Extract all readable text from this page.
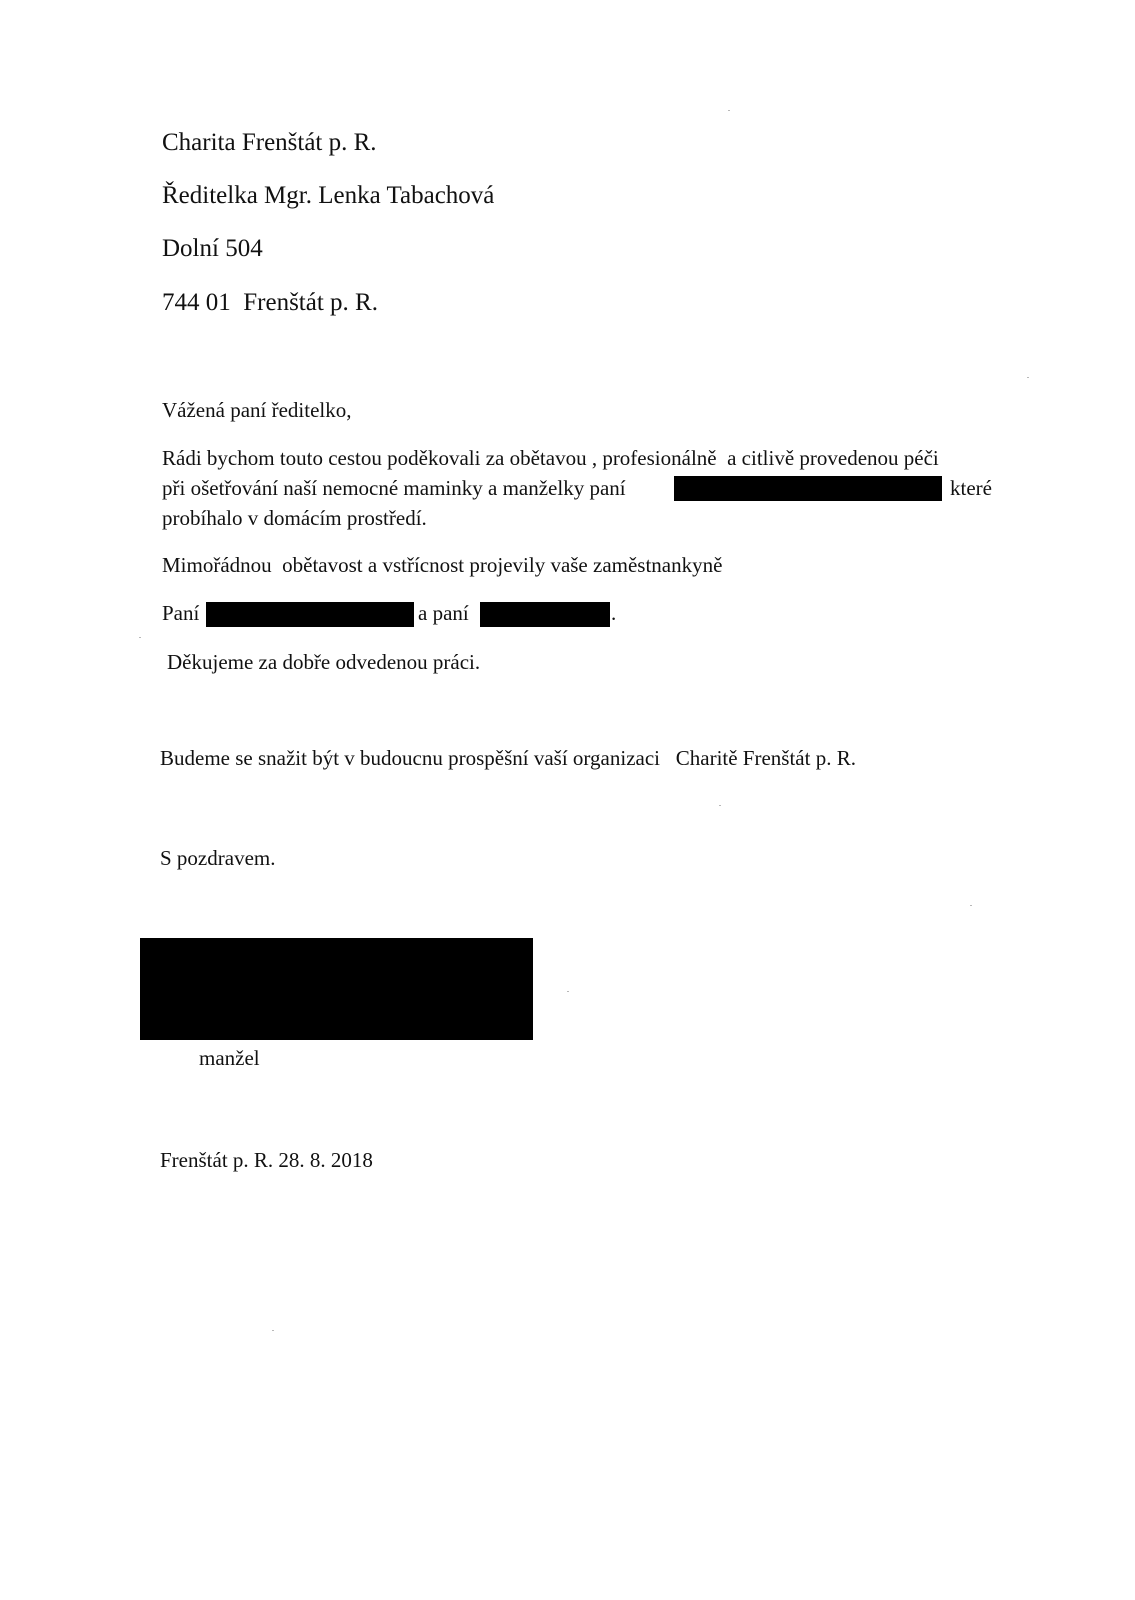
Charita Frenštát p. R.
Ředitelka Mgr. Lenka Tabachová
Dolní 504
744 01  Frenštát p. R.
Vážená paní ředitelko,
Rádi bychom touto cestou poděkovali za obětavou , profesionálně  a citlivě provedenou péči
při ošetřování naší nemocné maminky a manželky paní	které
probíhalo v domácím prostředí.
Mimořádnou  obětavost a vstřícnost projevily vaše zaměstnankyně
Paní	a paní	.
Děkujeme za dobře odvedenou práci.
Budeme se snažit být v budoucnu prospěšní vaší organizaci   Charitě Frenštát p. R.
S pozdravem.
manžel
Frenštát p. R. 28. 8. 2018
